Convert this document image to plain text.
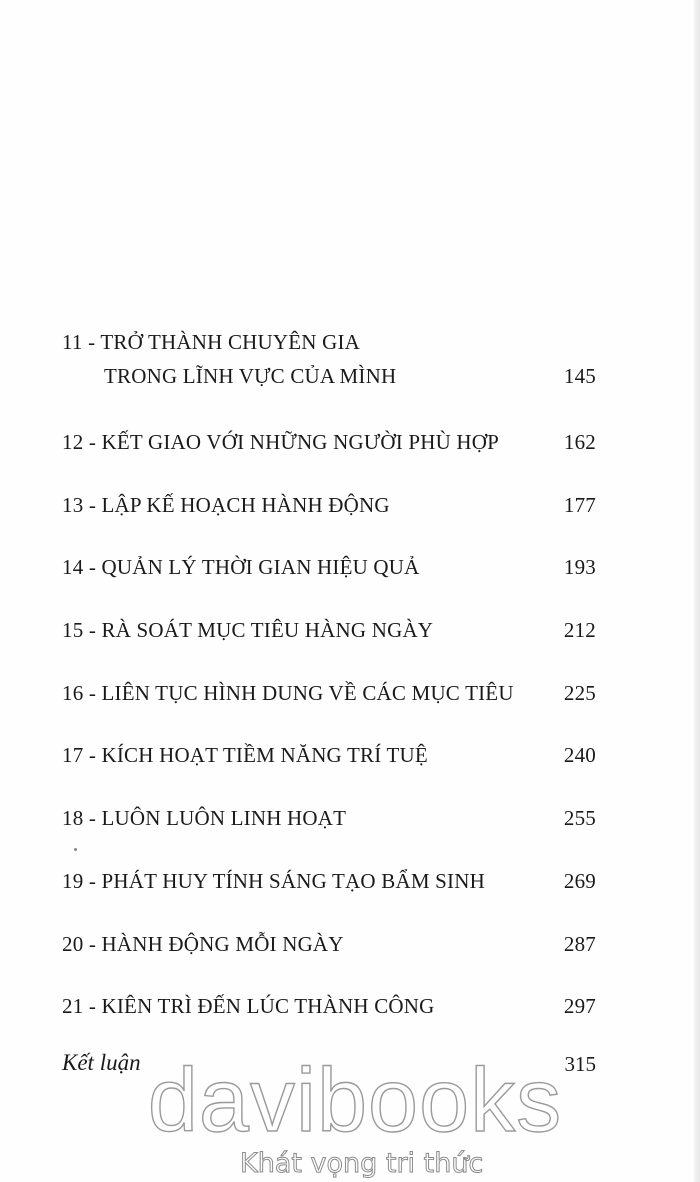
11 - TRỞ THÀNH CHUYÊN GIA
TRONG LĨNH VỰC CỦA MÌNH	145
12 - KẾT GIAO VỚI NHỮNG NGƯỜI PHÙ HỢP	162
13 - LẬP KẾ HOẠCH HÀNH ĐỘNG	177
14 - QUẢN LÝ THỜI GIAN HIỆU QUẢ	193
15 - RÀ SOÁT MỤC TIÊU HÀNG NGÀY	212
16 - LIÊN TỤC HÌNH DUNG VỀ CÁC MỤC TIÊU 225
17 - KÍCH HOẠT TIỀM NĂNG TRÍ TUỆ	240
18 - LUÔN LUÔN LINH HOẠT	255
19 - PHÁT HUY TÍNH SÁNG TẠO BẨM SINH	269
20 - HÀNH ĐỘNG MỖI NGÀY	287
21 - KIÊN TRÌ ĐẾN LÚC THÀNH CÔNG	297
Kết luận	315
davibooks
Khát vọng tri thức
